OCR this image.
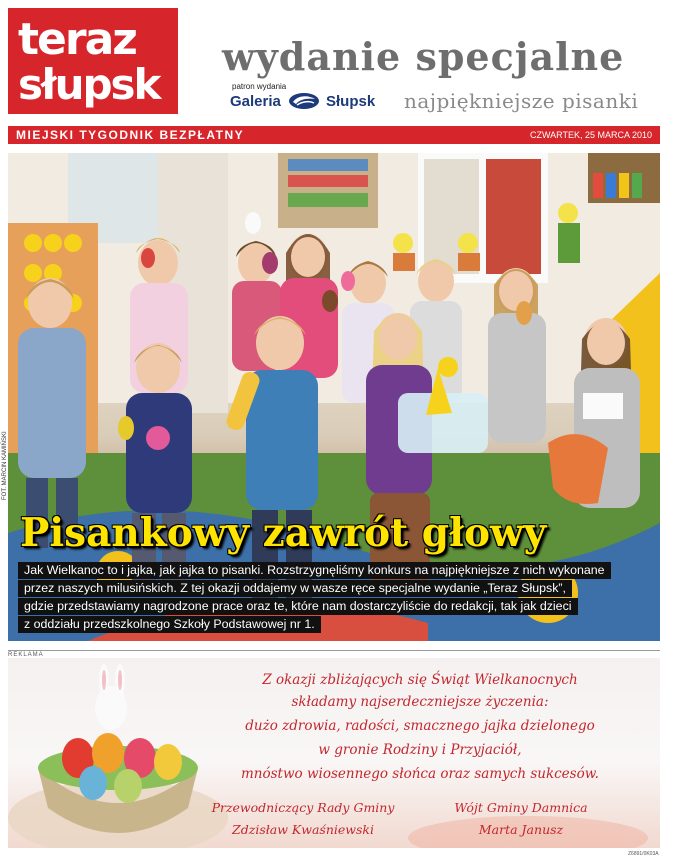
teraz
słupsk
wydanie specjalne
patron wydania
Galeria	Słupsk najpiękniejsze pisanki
MIEJSKI TYGODNIK BEZPŁATNY	CZWARTEK, 25 MARCA 2010
FOT. MARCIN KAMIŃSKI
Pisankowy zawrót głowy
Jak Wielkanoc to i jajka, jak jajka to pisanki. Rozstrzygnęliśmy konkurs na najpiękniejsze z nich wykonane
przez naszych milusińskich. Z tej okazji oddajemy w wasze ręce specjalne wydanie „Teraz Słupsk”,
gdzie przedstawiamy nagrodzone prace oraz te, które nam dostarczyliście do redakcji, tak jak dzieci
z oddziału przedszkolnego Szkoły Podstawowej nr 1.
REKLAMA
Z okazji zbliżających się Świąt Wielkanocnych
składamy najserdeczniejsze życzenia:
dużo zdrowia, radości, smacznego jajka dzielonego
w gronie Rodziny i Przyjaciół,
mnóstwo wiosennego słońca oraz samych sukcesów.
Przewodniczący Rady Gminy
Zdzisław Kwaśniewski
Wójt Gminy Damnica
Marta Janusz
Z6891/0K03A
